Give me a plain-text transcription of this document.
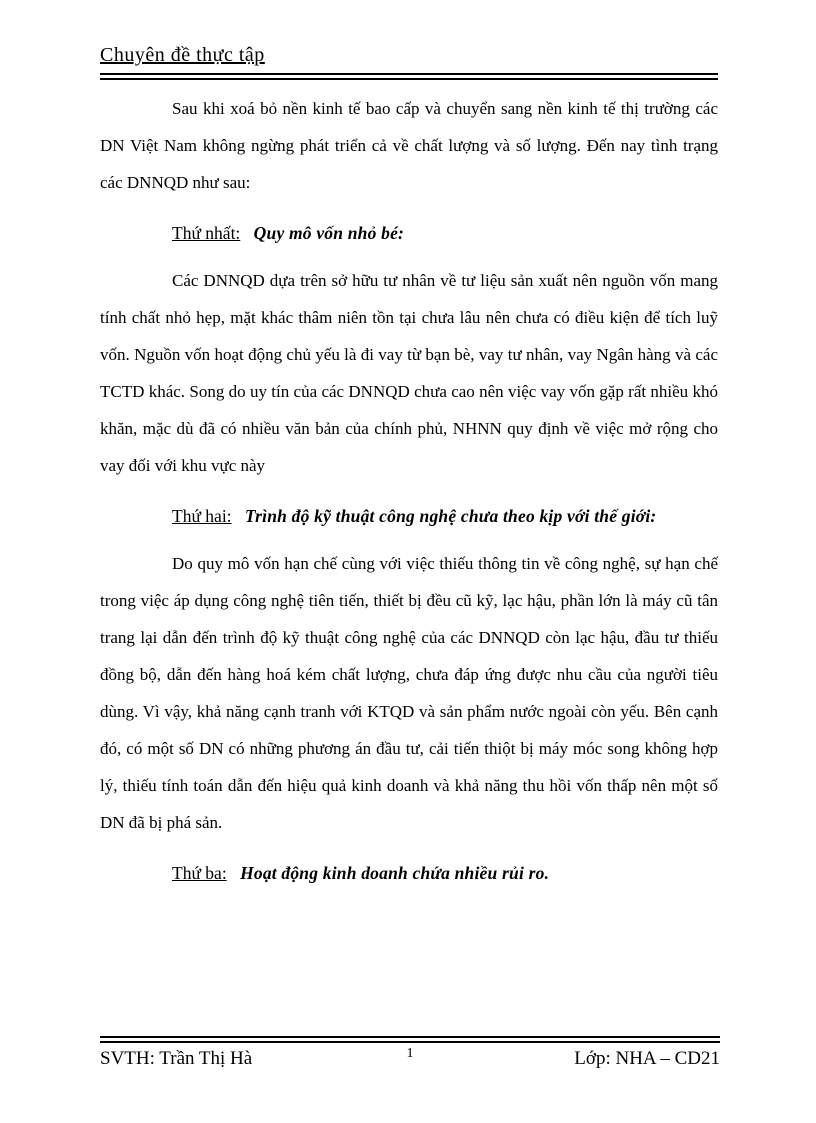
Chuyên đề thực tập

Sau khi xoá bỏ nền kinh tế bao cấp và chuyển sang nền kinh tế thị trường các DN Việt Nam không ngừng phát triển cả về chất lượng và số lượng. Đến nay tình trạng các DNNQD như sau:

Thứ nhất: Quy mô vốn nhỏ bé:

Các DNNQD dựa trên sở hữu tư nhân về tư liệu sản xuất nên nguồn vốn mang tính chất nhỏ hẹp, mặt khác thâm niên tồn tại chưa lâu nên chưa có điều kiện để tích luỹ vốn. Nguồn vốn hoạt động chủ yếu là đi vay từ bạn bè, vay tư nhân, vay Ngân hàng và các TCTD khác. Song do uy tín của các DNNQD chưa cao nên việc vay vốn gặp rất nhiều khó khăn, mặc dù đã có nhiều văn bản của chính phủ, NHNN quy định về việc mở rộng cho vay đối với khu vực này

Thứ hai: Trình độ kỹ thuật công nghệ chưa theo kịp với thế giới:

Do quy mô vốn hạn chế cùng với việc thiếu thông tin về công nghệ, sự hạn chế trong việc áp dụng công nghệ tiên tiến, thiết bị đều cũ kỹ, lạc hậu, phần lớn là máy cũ tân trang lại dẫn đến trình độ kỹ thuật công nghệ của các DNNQD còn lạc hậu, đầu tư thiếu đồng bộ, dẫn đến hàng hoá kém chất lượng, chưa đáp ứng được nhu cầu của người tiêu dùng. Vì vậy, khả năng cạnh tranh với KTQD và sản phẩm nước ngoài còn yếu. Bên cạnh đó, có một số DN có những phương án đầu tư, cải tiến thiột bị máy móc song không hợp lý, thiếu tính toán dẫn đến hiệu quả kinh doanh và khả năng thu hồi vốn thấp nên một số DN đã bị phá sản.

Thứ ba: Hoạt động kinh doanh chứa nhiều rủi ro.
SVTH: Trần Thị Hà	1	Lớp: NHA – CD21
